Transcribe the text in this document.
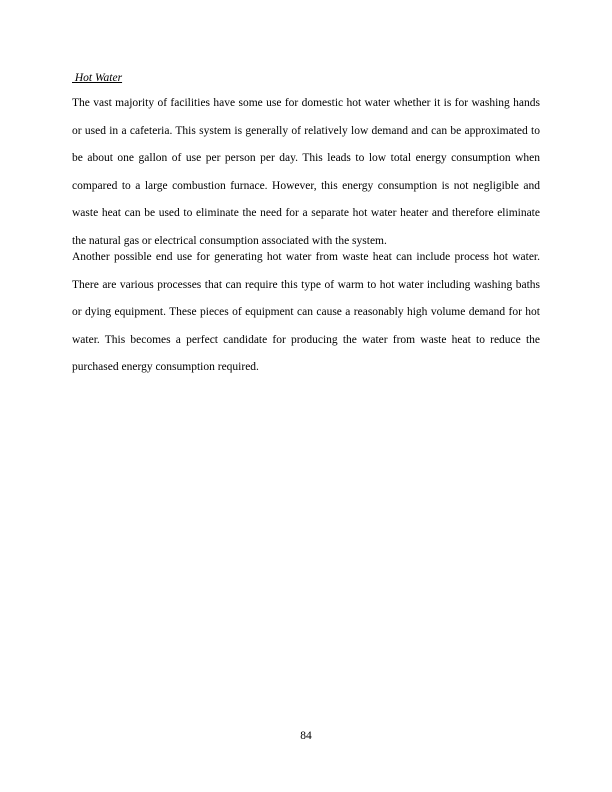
Hot Water

The vast majority of facilities have some use for domestic hot water whether it is for washing hands or used in a cafeteria. This system is generally of relatively low demand and can be approximated to be about one gallon of use per person per day. This leads to low total energy consumption when compared to a large combustion furnace. However, this energy consumption is not negligible and waste heat can be used to eliminate the need for a separate hot water heater and therefore eliminate the natural gas or electrical consumption associated with the system.

Another possible end use for generating hot water from waste heat can include process hot water. There are various processes that can require this type of warm to hot water including washing baths or dying equipment. These pieces of equipment can cause a reasonably high volume demand for hot water. This becomes a perfect candidate for producing the water from waste heat to reduce the purchased energy consumption required.

84
